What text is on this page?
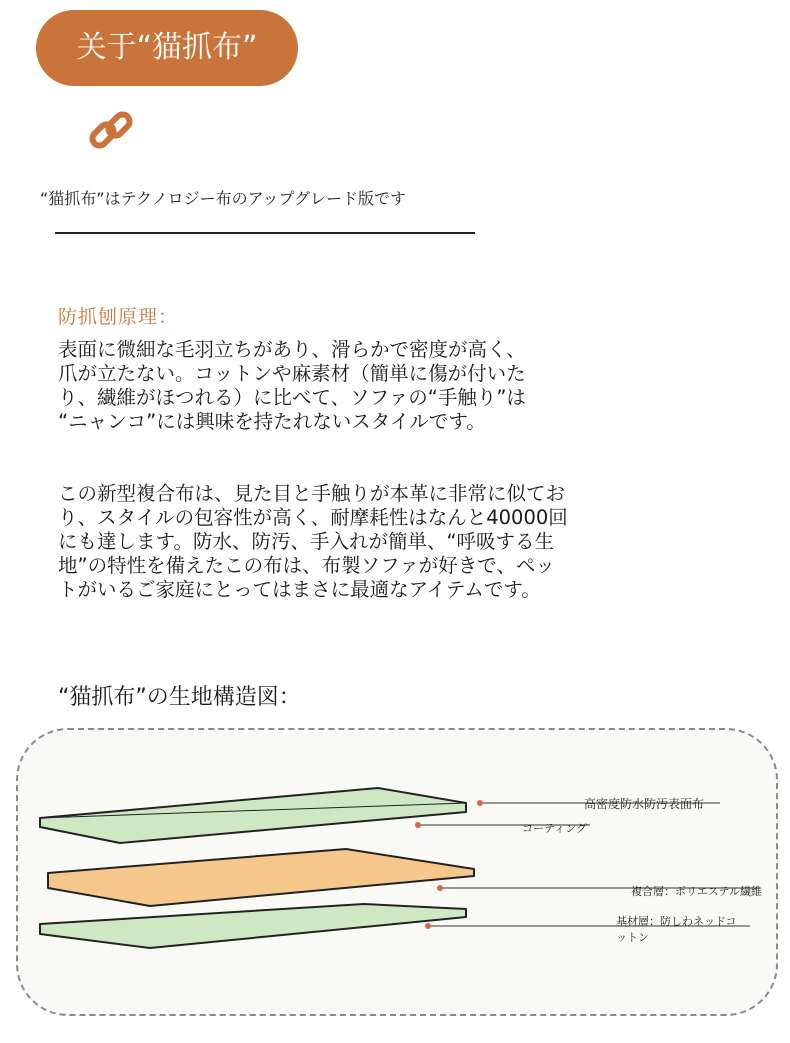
关于“猫抓布”
“猫抓布”はテクノロジー布のアップグレード版です
防抓刨原理：

表面に微細な毛羽立ちがあり、滑らかで密度が高く、
爪が立たない。コットンや麻素材（簡単に傷が付いた
り、繊維がほつれる）に比べて、ソファの“手触り”は
“ニャンコ”には興味を持たれないスタイルです。

この新型複合布は、見た目と手触りが本革に非常に似てお
り、スタイルの包容性が高く、耐摩耗性はなんと40000回
にも達します。防水、防汚、手入れが簡単、“呼吸する生
地”の特性を備えたこの布は、布製ソファが好きで、ペッ
トがいるご家庭にとってはまさに最適なアイテムです。

“猫抓布”の生地構造図：
高密度防水防汚表面布
コーティング
複合層：ポリエステル繊維
基材層：防しわネッドコ
ットン
